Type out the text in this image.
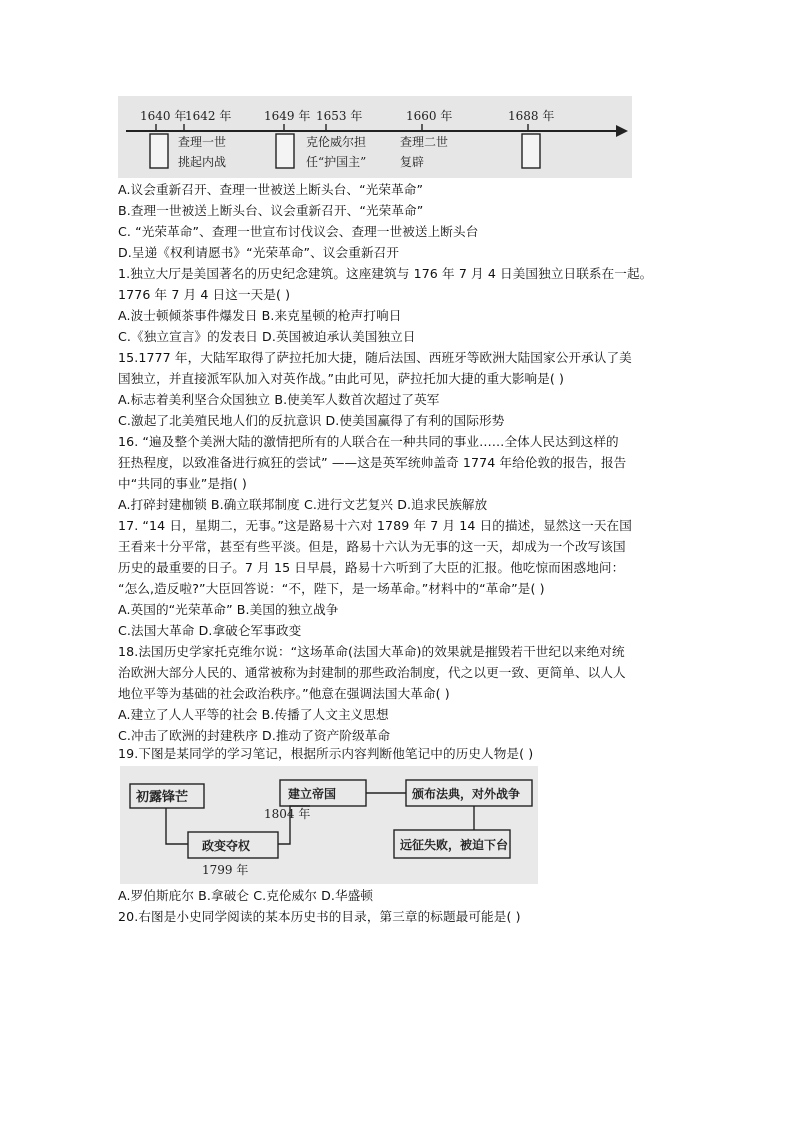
1640 年
1642 年	1649 年 1653 年	1660 年	1688 年
查理一世
挑起内战
克伦威尔担
任“护国主”
查理二世
复辟
A.议会重新召开、查理一世被送上断头台、“光荣革命”
B.查理一世被送上断头台、议会重新召开、“光荣革命”
C. “光荣革命”、查理一世宣布讨伐议会、查理一世被送上断头台
D.呈递《权利请愿书》“光荣革命”、议会重新召开
1.独立大厅是美国著名的历史纪念建筑。这座建筑与 176 年 7 月 4 日美国独立日联系在一起。
1776 年 7 月 4 日这一天是( )
A.波士顿倾茶事件爆发日 B.来克星顿的枪声打响日
C.《独立宣言》的发表日 D.英国被迫承认美国独立日
15.1777 年，大陆军取得了萨拉托加大捷，随后法国、西班牙等欧洲大陆国家公开承认了美
国独立，并直接派军队加入对英作战。”由此可见，萨拉托加大捷的重大影响是( )
A.标志着美利坚合众国独立 B.使美军人数首次超过了英军
C.激起了北美殖民地人们的反抗意识 D.使美国赢得了有利的国际形势
16. “遍及整个美洲大陆的激情把所有的人联合在一种共同的事业……全体人民达到这样的
狂热程度，以致准备进行疯狂的尝试” ——这是英军统帅盖奇 1774 年给伦敦的报告，报告
中“共同的事业”是指( )
A.打碎封建枷锁 B.确立联邦制度 C.进行文艺复兴 D.追求民族解放
17. “14 日，星期二，无事。”这是路易十六对 1789 年 7 月 14 日的描述，显然这一天在国
王看来十分平常，甚至有些平淡。但是，路易十六认为无事的这一天，却成为一个改写该国
历史的最重要的日子。7 月 15 日早晨，路易十六听到了大臣的汇报。他吃惊而困惑地问：
“怎么,造反啦?”大臣回答说：“不，陛下，是一场革命。”材料中的“革命”是( )
A.英国的“光荣革命” B.美国的独立战争
C.法国大革命 D.拿破仑军事政变
18.法国历史学家托克维尔说：“这场革命(法国大革命)的效果就是摧毁若干世纪以来绝对统
治欧洲大部分人民的、通常被称为封建制的那些政治制度，代之以更一致、更简单、以人人
地位平等为基础的社会政治秩序。”他意在强调法国大革命( )
A.建立了人人平等的社会 B.传播了人文主义思想
C.冲击了欧洲的封建秩序 D.推动了资产阶级革命
19.下图是某同学的学习笔记，根据所示内容判断他笔记中的历史人物是( )
初露锋芒
政变夺权
建立帝国	颁布法典，对外战争
远征失败，被迫下台
1799 年
1804 年
A.罗伯斯庇尔 B.拿破仑 C.克伦威尔 D.华盛顿
20.右图是小史同学阅读的某本历史书的目录，第三章的标题最可能是( )
